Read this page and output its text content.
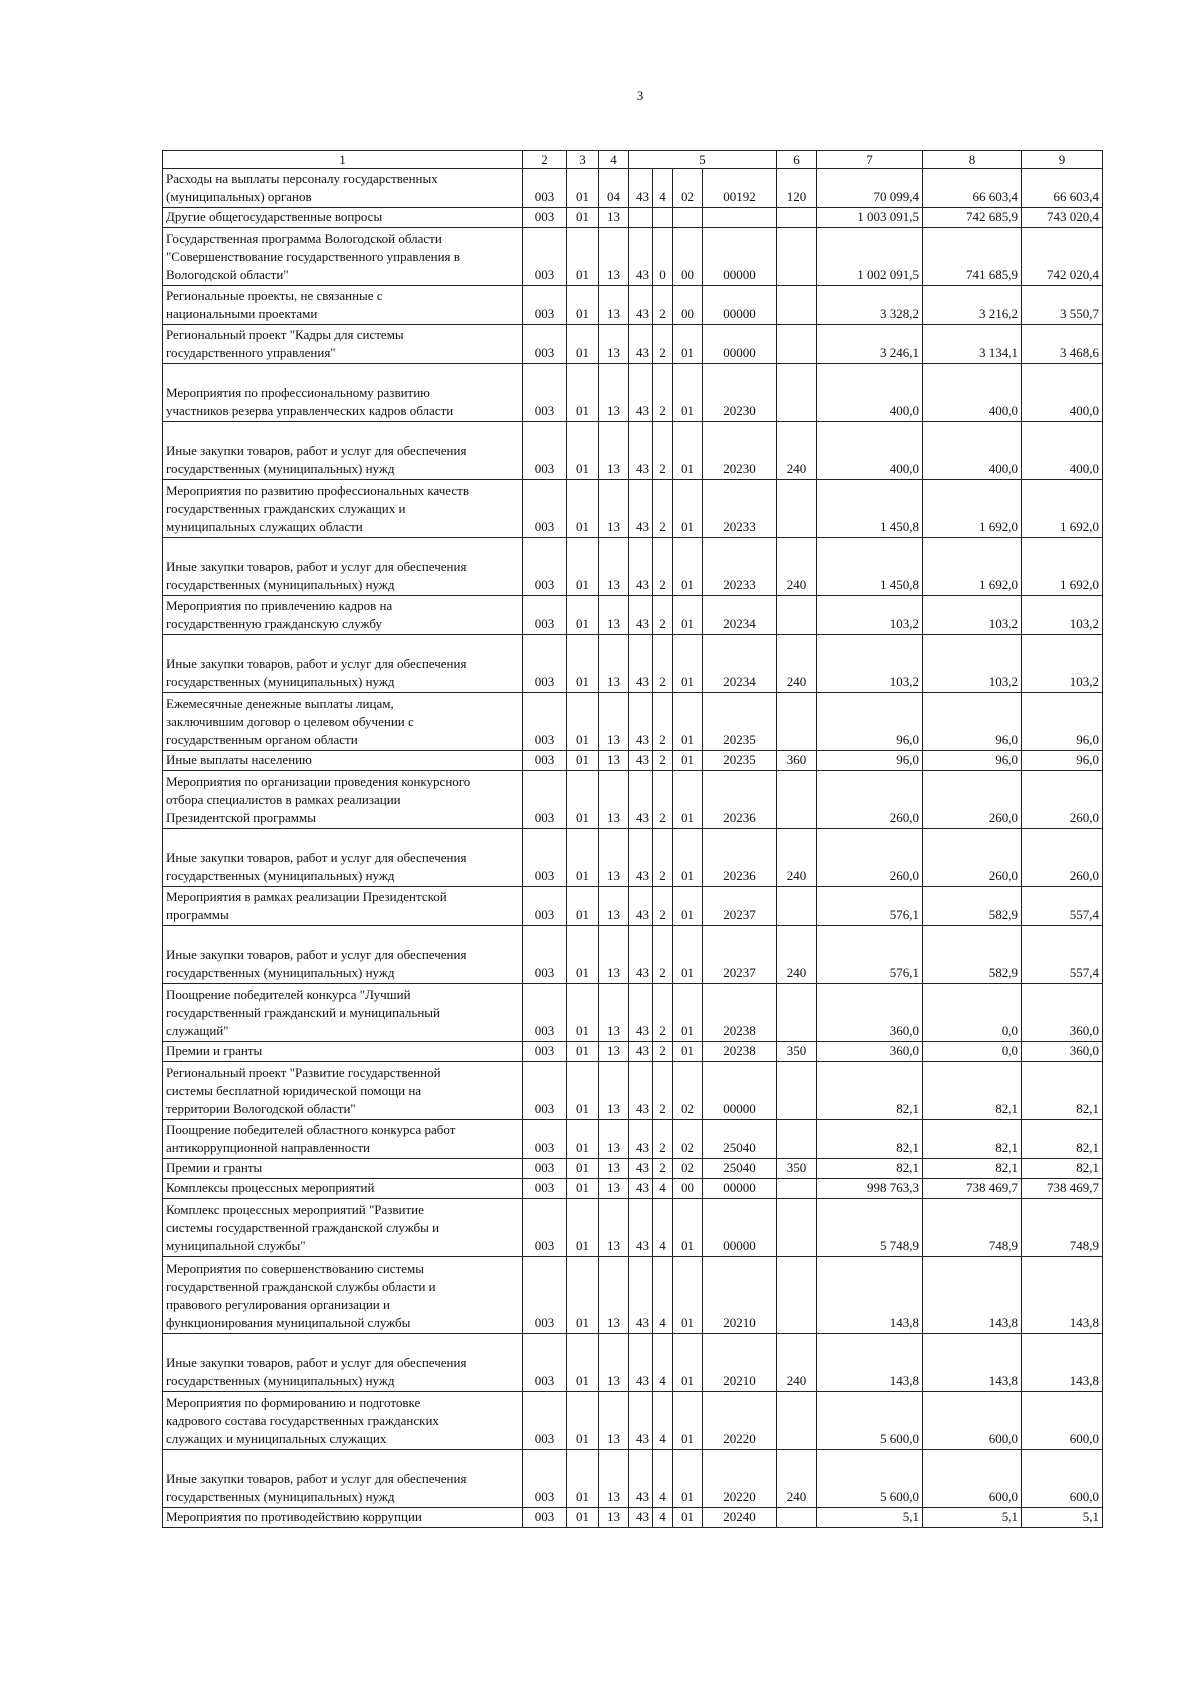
3
1	2	3	4	5				6	7	8	9
Расходы на выплаты персоналу государственных
(муниципальных) органов	003	01	04	43	4	02	00192	120	70 099,4	66 603,4	66 603,4
Другие общегосударственные вопросы	003	01	13						1 003 091,5	742 685,9	743 020,4
Государственная программа Вологодской области
"Совершенствование государственного управления в
Вологодской области"	003	01	13	43	0	00	00000		1 002 091,5	741 685,9	742 020,4
Региональные проекты, не связанные с
национальными проектами	003	01	13	43	2	00	00000		3 328,2	3 216,2	3 550,7
Региональный проект "Кадры для системы
государственного управления"	003	01	13	43	2	01	00000		3 246,1	3 134,1	3 468,6
Мероприятия по профессиональному развитию
участников резерва управленческих кадров области	003	01	13	43	2	01	20230		400,0	400,0	400,0
Иные закупки товаров, работ и услуг для обеспечения
государственных (муниципальных) нужд	003	01	13	43	2	01	20230	240	400,0	400,0	400,0
Мероприятия по развитию профессиональных качеств
государственных гражданских служащих и
муниципальных служащих области	003	01	13	43	2	01	20233		1 450,8	1 692,0	1 692,0
Иные закупки товаров, работ и услуг для обеспечения
государственных (муниципальных) нужд	003	01	13	43	2	01	20233	240	1 450,8	1 692,0	1 692,0
Мероприятия по привлечению кадров на
государственную гражданскую службу	003	01	13	43	2	01	20234		103,2	103,2	103,2
Иные закупки товаров, работ и услуг для обеспечения
государственных (муниципальных) нужд	003	01	13	43	2	01	20234	240	103,2	103,2	103,2
Ежемесячные денежные выплаты лицам,
заключившим договор о целевом обучении с
государственным органом области	003	01	13	43	2	01	20235		96,0	96,0	96,0
Иные выплаты населению	003	01	13	43	2	01	20235	360	96,0	96,0	96,0
Мероприятия по организации проведения конкурсного
отбора специалистов в рамках реализации
Президентской программы	003	01	13	43	2	01	20236		260,0	260,0	260,0
Иные закупки товаров, работ и услуг для обеспечения
государственных (муниципальных) нужд	003	01	13	43	2	01	20236	240	260,0	260,0	260,0
Мероприятия в рамках реализации Президентской
программы	003	01	13	43	2	01	20237		576,1	582,9	557,4
Иные закупки товаров, работ и услуг для обеспечения
государственных (муниципальных) нужд	003	01	13	43	2	01	20237	240	576,1	582,9	557,4
Поощрение победителей конкурса "Лучший
государственный гражданский и муниципальный
служащий"	003	01	13	43	2	01	20238		360,0	0,0	360,0
Премии и гранты	003	01	13	43	2	01	20238	350	360,0	0,0	360,0
Региональный проект "Развитие государственной
системы бесплатной юридической помощи на
территории Вологодской области"	003	01	13	43	2	02	00000		82,1	82,1	82,1
Поощрение победителей областного конкурса работ
антикоррупционной направленности	003	01	13	43	2	02	25040		82,1	82,1	82,1
Премии и гранты	003	01	13	43	2	02	25040	350	82,1	82,1	82,1
Комплексы процессных мероприятий	003	01	13	43	4	00	00000		998 763,3	738 469,7	738 469,7
Комплекс процессных мероприятий "Развитие
системы государственной гражданской службы и
муниципальной службы"	003	01	13	43	4	01	00000		5 748,9	748,9	748,9
Мероприятия по совершенствованию системы
государственной гражданской службы области и
правового регулирования организации и
функционирования муниципальной службы	003	01	13	43	4	01	20210		143,8	143,8	143,8
Иные закупки товаров, работ и услуг для обеспечения
государственных (муниципальных) нужд	003	01	13	43	4	01	20210	240	143,8	143,8	143,8
Мероприятия по формированию и подготовке
кадрового состава государственных гражданских
служащих и муниципальных служащих	003	01	13	43	4	01	20220		5 600,0	600,0	600,0
Иные закупки товаров, работ и услуг для обеспечения
государственных (муниципальных) нужд	003	01	13	43	4	01	20220	240	5 600,0	600,0	600,0
Мероприятия по противодействию коррупции	003	01	13	43	4	01	20240		5,1	5,1	5,1
